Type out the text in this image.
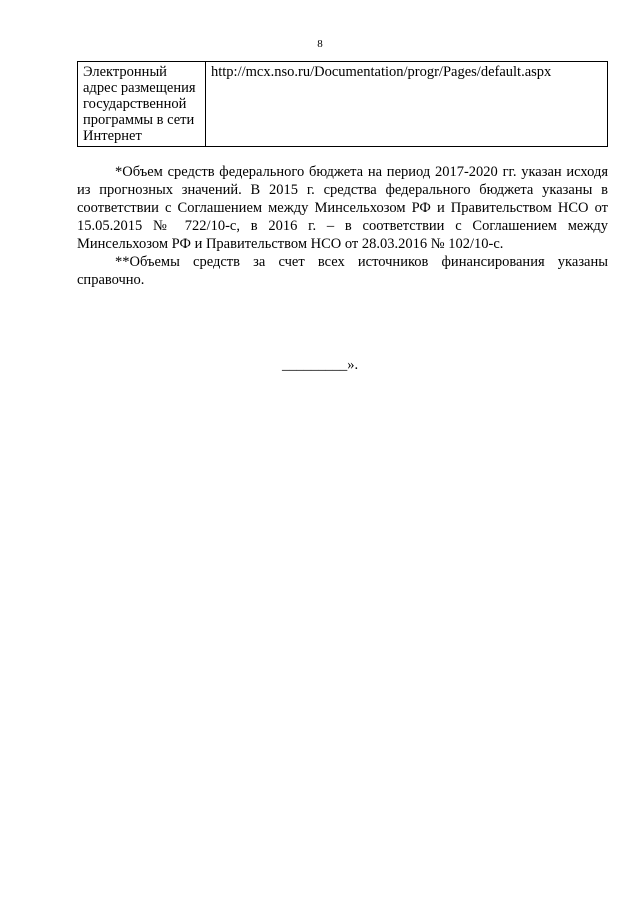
8
Электронный адрес размещения государственной программы в сети Интернет	http://mcx.nso.ru/Documentation/progr/Pages/default.aspx

*Объем средств федерального бюджета на период 2017-2020 гг. указан исходя из прогнозных значений. В 2015 г. средства федерального бюджета указаны в соответствии с Соглашением между Минсельхозом РФ и Правительством НСО от 15.05.2015 № 722/10-с, в 2016 г. – в соответствии с Соглашением между Минсельхозом РФ и Правительством НСО от 28.03.2016 № 102/10-с.

**Объемы средств за счет всех источников финансирования указаны справочно.

_________».
